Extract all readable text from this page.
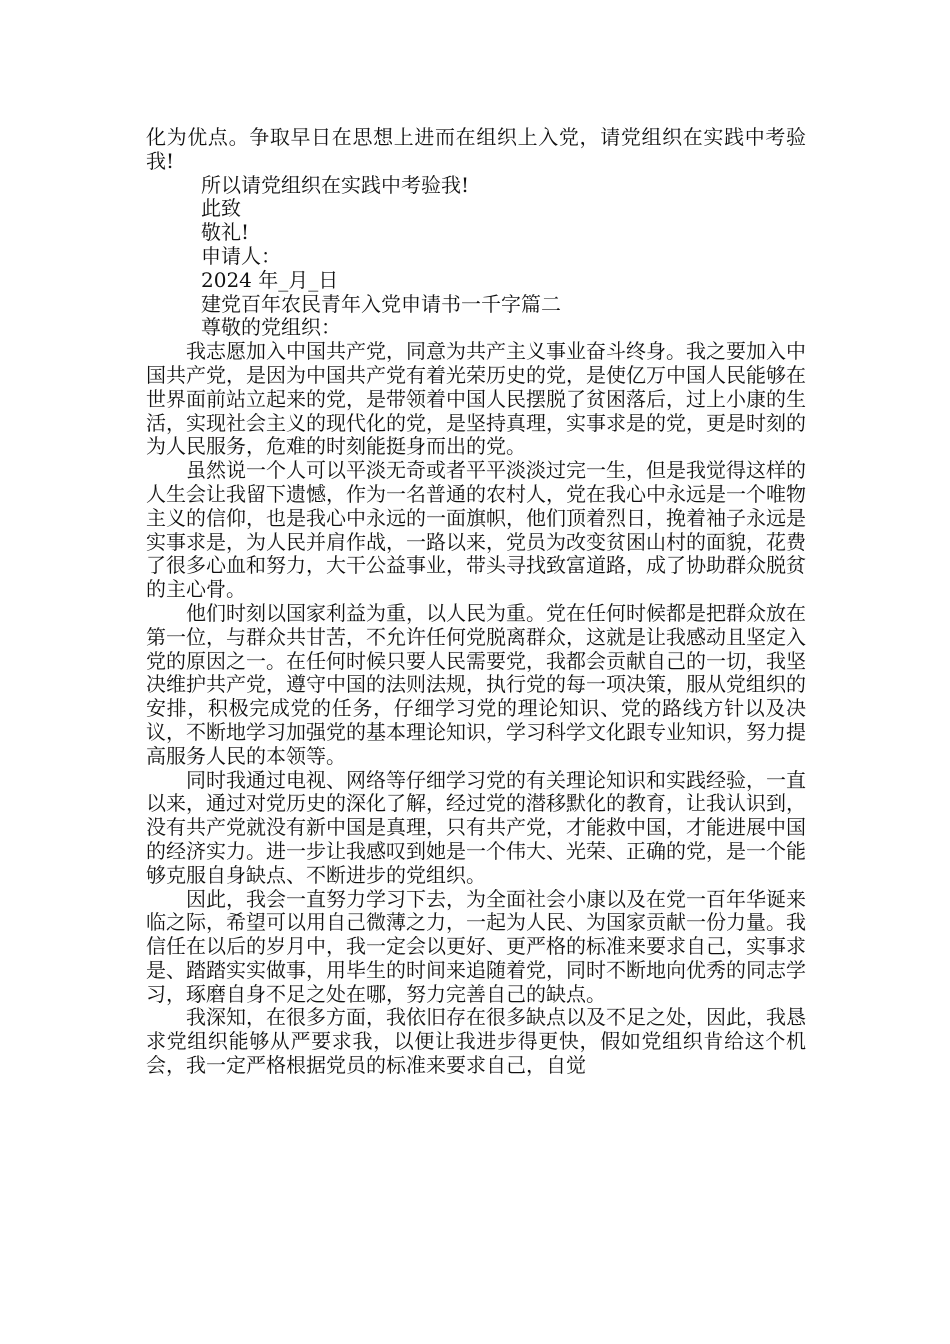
化为优点。争取早日在思想上进而在组织上入党，请党组织在实践中考验我!

所以请党组织在实践中考验我!

此致

敬礼!

申请人：

2024 年_月_日

建党百年农民青年入党申请书一千字篇二

尊敬的党组织：

我志愿加入中国共产党，同意为共产主义事业奋斗终身。我之要加入中国共产党，是因为中国共产党有着光荣历史的党，是使亿万中国人民能够在世界面前站立起来的党，是带领着中国人民摆脱了贫困落后，过上小康的生活，实现社会主义的现代化的党，是坚持真理，实事求是的党，更是时刻的为人民服务，危难的时刻能挺身而出的党。

虽然说一个人可以平淡无奇或者平平淡淡过完一生，但是我觉得这样的人生会让我留下遗憾，作为一名普通的农村人，党在我心中永远是一个唯物主义的信仰，也是我心中永远的一面旗帜，他们顶着烈日，挽着袖子永远是实事求是，为人民并肩作战，一路以来，党员为改变贫困山村的面貌，花费了很多心血和努力，大干公益事业，带头寻找致富道路，成了协助群众脱贫的主心骨。

他们时刻以国家利益为重，以人民为重。党在任何时候都是把群众放在第一位，与群众共甘苦，不允许任何党脱离群众，这就是让我感动且坚定入党的原因之一。在任何时候只要人民需要党，我都会贡献自己的一切，我坚决维护共产党，遵守中国的法则法规，执行党的每一项决策，服从党组织的安排，积极完成党的任务，仔细学习党的理论知识、党的路线方针以及决议，不断地学习加强党的基本理论知识，学习科学文化跟专业知识，努力提高服务人民的本领等。

同时我通过电视、网络等仔细学习党的有关理论知识和实践经验，一直以来，通过对党历史的深化了解，经过党的潜移默化的教育，让我认识到，没有共产党就没有新中国是真理，只有共产党，才能救中国，才能进展中国的经济实力。进一步让我感叹到她是一个伟大、光荣、正确的党，是一个能够克服自身缺点、不断进步的党组织。

因此，我会一直努力学习下去，为全面社会小康以及在党一百年华诞来临之际，希望可以用自己微薄之力，一起为人民、为国家贡献一份力量。我信任在以后的岁月中，我一定会以更好、更严格的标准来要求自己，实事求是、踏踏实实做事，用毕生的时间来追随着党，同时不断地向优秀的同志学习，琢磨自身不足之处在哪，努力完善自己的缺点。

我深知，在很多方面，我依旧存在很多缺点以及不足之处，因此，我恳求党组织能够从严要求我，以便让我进步得更快，假如党组织肯给这个机会，我一定严格根据党员的标准来要求自己，自觉
